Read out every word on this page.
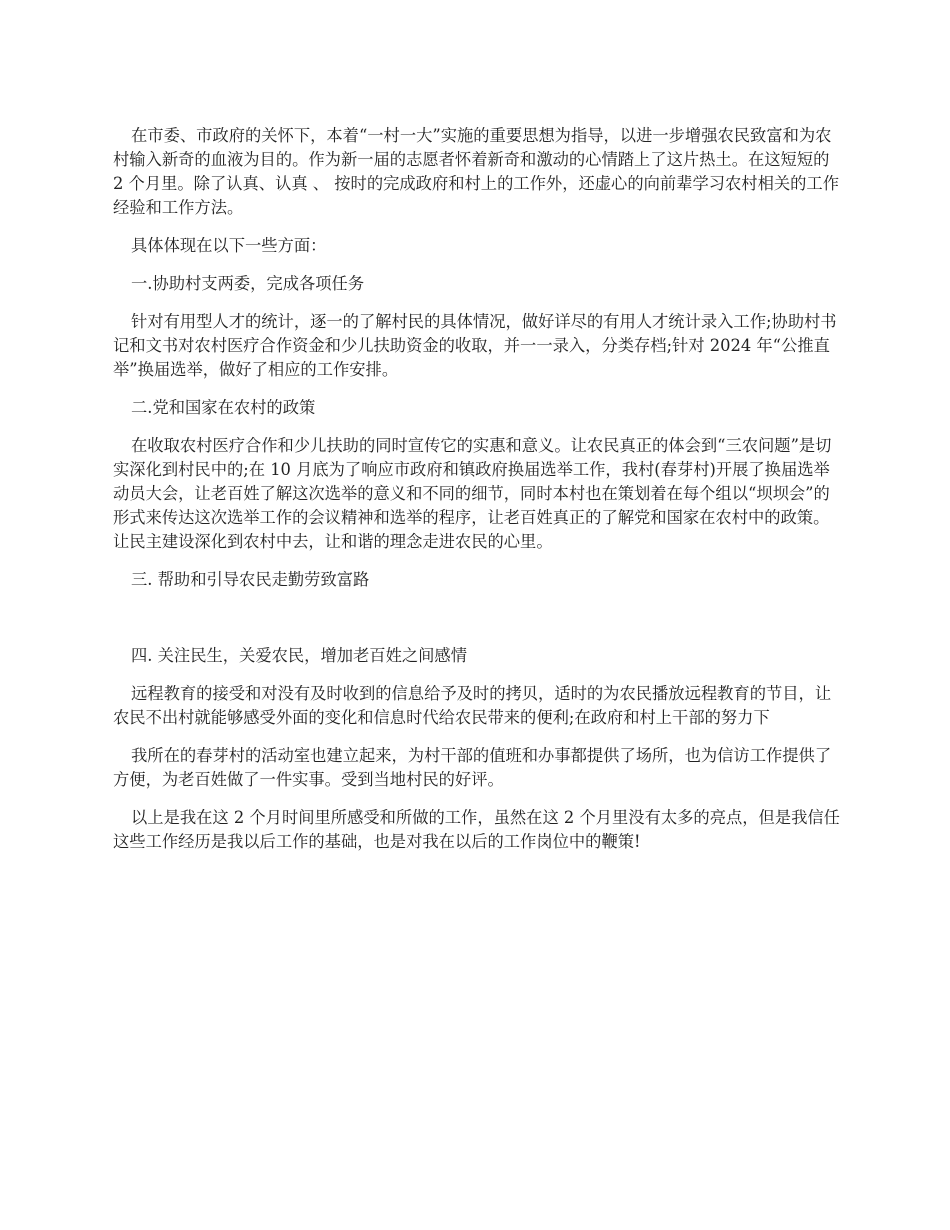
在市委、市政府的关怀下，本着“一村一大”实施的重要思想为指导，以进一步增强农民致富和为农村输入新奇的血液为目的。作为新一届的志愿者怀着新奇和激动的心情踏上了这片热土。在这短短的 2 个月里。除了认真、认真 、 按时的完成政府和村上的工作外，还虚心的向前辈学习农村相关的工作经验和工作方法。

具体体现在以下一些方面：

一.协助村支两委，完成各项任务

针对有用型人才的统计，逐一的了解村民的具体情况，做好详尽的有用人才统计录入工作;协助村书记和文书对农村医疗合作资金和少儿扶助资金的收取，并一一录入，分类存档;针对 2024 年“公推直举”换届选举，做好了相应的工作安排。

二.党和国家在农村的政策

在收取农村医疗合作和少儿扶助的同时宣传它的实惠和意义。让农民真正的体会到“三农问题”是切实深化到村民中的;在 10 月底为了响应市政府和镇政府换届选举工作，我村(春芽村)开展了换届选举动员大会，让老百姓了解这次选举的意义和不同的细节，同时本村也在策划着在每个组以“坝坝会”的形式来传达这次选举工作的会议精神和选举的程序，让老百姓真正的了解党和国家在农村中的政策。让民主建设深化到农村中去，让和谐的理念走进农民的心里。

三. 帮助和引导农民走勤劳致富路

四. 关注民生，关爱农民，增加老百姓之间感情

远程教育的接受和对没有及时收到的信息给予及时的拷贝，适时的为农民播放远程教育的节目，让农民不出村就能够感受外面的变化和信息时代给农民带来的便利;在政府和村上干部的努力下

我所在的春芽村的活动室也建立起来，为村干部的值班和办事都提供了场所，也为信访工作提供了方便，为老百姓做了一件实事。受到当地村民的好评。

以上是我在这 2 个月时间里所感受和所做的工作，虽然在这 2 个月里没有太多的亮点，但是我信任这些工作经历是我以后工作的基础，也是对我在以后的工作岗位中的鞭策!
